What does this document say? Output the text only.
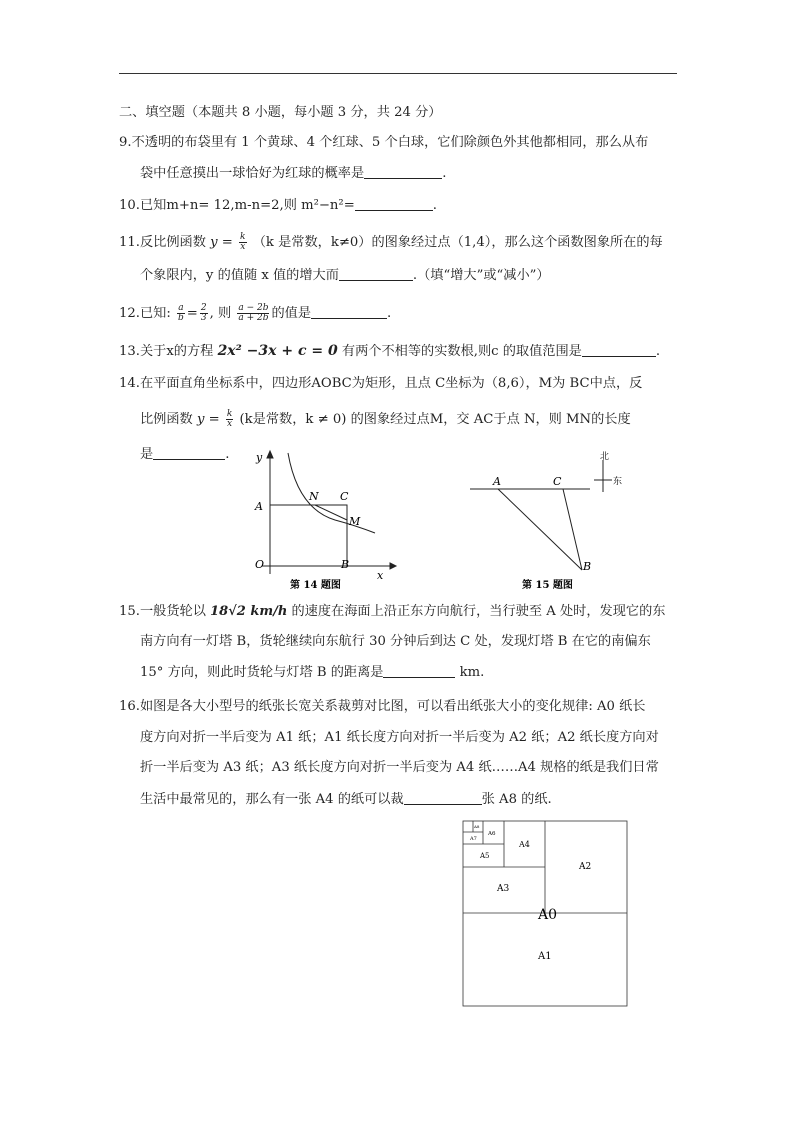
二、填空题（本题共 8 小题，每小题 3 分，共 24 分）
9.不透明的布袋里有 1 个黄球、4 个红球、5 个白球，它们除颜色外其他都相同，那么从布
袋中任意摸出一球恰好为红球的概率是	.
10.已知m+n= 12,m-n=2,则 m²−n²=	.
11.反比例函数 $y = \frac{k}{x} (k$ 是常数，k≠0）的图象经过点（1,4），那么这个函数图象所在的每
个象限内，y 的值随 x 值的增大而	.（填“增大”或“减小”）
12.已知: $\frac{a}{b} = \frac{2}{3}$ , 则 $\frac{a - 2b}{a + 2b}$ 的值是	.
13.关于x的方程 2x² −3x + c = 0 有两个不相等的实数根,则c 的取值范围是	.
14.在平面直角坐标系中，四边形AOBC为矩形，且点 C坐标为（8,6），M为 BC中点，反
比例函数 $y = \frac{k}{x} (k$是常数，k ≠ 0) 的图象经过点M，交 AC于点 N，则 MN的长度
是	. y
x
O
A
B
C
N
M
第 14 题图
北
东
A	C
B
第 15 题图
15.一般货轮以 18√2 km/h 的速度在海面上沿正东方向航行，当行驶至 A 处时，发现它的东
南方向有一灯塔 B，货轮继续向东航行 30 分钟后到达 C 处，发现灯塔 B 在它的南偏东
15° 方向，则此时货轮与灯塔 B 的距离是	km.
16.如图是各大小型号的纸张长宽关系裁剪对比图，可以看出纸张大小的变化规律: A0 纸长
度方向对折一半后变为 A1 纸；A1 纸长度方向对折一半后变为 A2 纸；A2 纸长度方向对
折一半后变为 A3 纸；A3 纸长度方向对折一半后变为 A4 纸……A4 规格的纸是我们日常
生活中最常见的，那么有一张 A4 的纸可以裁	张 A8 的纸.
A0
A1
A2
A3
A4
A5
A6
A7
A8
